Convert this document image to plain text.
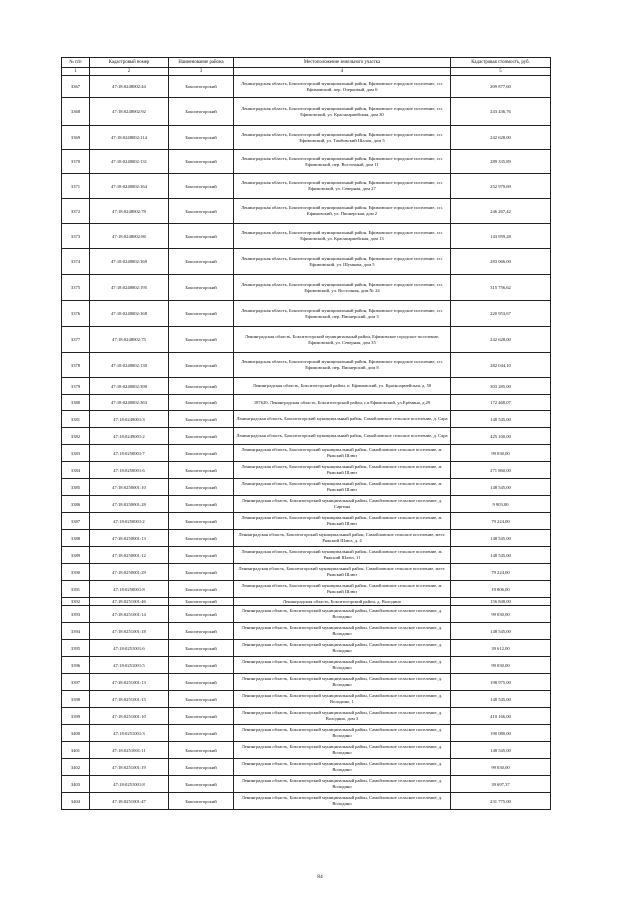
№ п/п	Кадастровый номер	Наименование района	Местоположение земельного участка	Кадастровая стоимость, руб.
1	2	3	4	5
3367	47:18:0248002:44	Бокситогорский	Ленинградская область, Бокситогорский муниципальный район, Ефимовское городское поселение, г.п. Ефимовский, пер. Озерковый, дом 6	209 877,60
3368	47:18:0248002:92	Бокситогорский	Ленинградская область, Бокситогорский муниципальный район, Ефимовское городское поселение, г.п. Ефимовский, ул. Красноармейская, дом 30	243 436,76
3369	47:18:0248002:114	Бокситогорский	Ленинградская область, Бокситогорский муниципальный район, Ефимовское городское поселение, г.п. Ефимовский, ул. Тамбовский Шалок, дом 5	242 628,00
3370	47:18:0248002:131	Бокситогорский	Ленинградская область, Бокситогорский муниципальный район, Ефимовское городское поселение, г.п. Ефимовский, пер. Восточный, дом 11	289 335,89
3371	47:18:0248002:164	Бокситогорский	Ленинградская область, Бокситогорский муниципальный район, Ефимовское городское поселение, г.п. Ефимовский, ул. Северная, дом 27	252 979,69
3372	47:18:0248002:78	Бокситогорский	Ленинградская область, Бокситогорский муниципальный район, Ефимовское городское поселение, г.п. Ефимовский, ул. Пионерская, дом 2	246 267,42
3373	47:18:0248002:86	Бокситогорский	Ленинградская область, Бокситогорский муниципальный район, Ефимовское городское поселение, г.п. Ефимовский, ул. Красноармейская, дом 13	143 959,28
3374	47:18:0248002:169	Бокситогорский	Ленинградская область, Бокситогорский муниципальный район, Ефимовское городское поселение, г.п. Ефимовский, ул. Шумкова, дом 5	283 066,00
3375	47:18:0248002:195	Бокситогорский	Ленинградская область, Бокситогорский муниципальный район, Ефимовское городское поселение, г.п. Ефимовский, ул. Восточная, дом № 24	315 756,62
3376	47:18:0248002:168	Бокситогорский	Ленинградская область, Бокситогорский муниципальный район, Ефимовское городское поселение, г.п. Ефимовский, пер. Пионерский, дом 3	220 953,67
3377	47:18:0248002:75	Бокситогорский	Ленинградская область, Бокситогорский муниципальный район, Ефимовское городское поселение, Ефимовский, ул. Северная, дом 35	242 628,00
3378	47:18:0248002:130	Бокситогорский	Ленинградская область, Бокситогорский муниципальный район, Ефимовское городское поселение, г.п. Ефимовский, пер. Пионерский, дом 8	282 044,10
3379	47:18:0248002:390	Бокситогорский	Ленинградская область, Бокситогорский район, п. Ефимовский, ул. Красноармейская, д. 50	303 285,00
3380	47:18:0248002:363	Бокситогорский	187620, Ленинградская область, Бокситогорский район, г.п.Ефимовский, ул.Ерёмина, д.29	172 468,07
3381	47:18:0249001:3	Бокситогорский	Ленинградская область, Бокситогорский муниципальный район, Самойловское сельское поселение, д. Сара	148 545,00
3382	47:18:0249001:2	Бокситогорский	Ленинградская область, Бокситогорский муниципальный район, Самойловское сельское поселение, д. Сара	425 100,00
3383	47:18:0250001:7	Бокситогорский	Ленинградская область, Бокситогорский муниципальный район, Самойловское сельское поселение, м. Ряжский Шлюз	99 030,00
3384	47:18:0250001:6	Бокситогорский	Ленинградская область, Бокситогорский муниципальный район, Самойловское сельское поселение, м. Ряжский Шлюз	271 860,00
3385	47:18:0250001:10	Бокситогорский	Ленинградская область, Бокситогорский муниципальный район, Самойловское сельское поселение, м. Ряжский Шлюз	148 545,00
3386	47:18:0250001:28	Бокситогорский	Ленинградская область, Бокситогорский муниципальный район, Самойловское сельское поселение, д. Саргина	9 903,00
3387	47:18:0250001:2	Бокситогорский	Ленинградская область, Бокситогорский муниципальный район, Самойловское сельское поселение, м. Ряжский Шлюз	79 224,00
3388	47:18:0250001:13	Бокситогорский	Ленинградская область, Бокситогорский муниципальный район, Самойловское сельское поселение, мест. Ряжский Шлюз, д. 4	148 545,00
3389	47:18:0250001:12	Бокситогорский	Ленинградская область, Бокситогорский муниципальный район, Самойловское сельское поселение, м. Ряжский Шлюз, 11	148 545,00
3390	47:18:0250001:29	Бокситогорский	Ленинградская область, Бокситогорский муниципальный район, Самойловское сельское поселение, мест. Ряжский Шлюз	79 224,00
3391	47:18:0250001:8	Бокситогорский	Ленинградская область, Бокситогорский муниципальный район, Самойловское сельское поселение, м. Ряжский Шлюз	19 806,00
3392	47:18:0251001:46	Бокситогорский	Ленинградская область, Бокситогорский район, д. Володино	156 848,00
3393	47:18:0251001:14	Бокситогорский	Ленинградская область, Бокситогорский муниципальный район, Самойловское сельское поселение, д. Володино	99 030,00
3394	47:18:0251001:18	Бокситогорский	Ленинградская область, Бокситогорский муниципальный район, Самойловское сельское поселение, д. Володино	148 545,00
3395	47:18:0251001:6	Бокситогорский	Ленинградская область, Бокситогорский муниципальный район, Самойловское сельское поселение, д. Володино	39 612,00
3396	47:18:0251001:5	Бокситогорский	Ленинградская область, Бокситогорский муниципальный район, Самойловское сельское поселение, д. Володино	99 030,00
3397	47:18:0251001:13	Бокситогорский	Ленинградская область, Бокситогорский муниципальный район, Самойловское сельское поселение, д. Володино	198 975,00
3398	47:18:0251001:15	Бокситогорский	Ленинградская область, Бокситогорский муниципальный район, Самойловское сельское поселение, д. Володино, 1	148 545,00
3399	47:18:0251001:10	Бокситогорский	Ленинградская область, Бокситогорский муниципальный район, Самойловское сельское поселение, д. Володино, дом 3	410 166,00
3400	47:18:0251001:3	Бокситогорский	Ленинградская область, Бокситогорский муниципальный район, Самойловское сельское поселение, д. Володино	190 080,00
3401	47:18:0251001:11	Бокситогорский	Ленинградская область, Бокситогорский муниципальный район, Самойловское сельское поселение, д. Володино	148 545,00
3402	47:18:0251001:19	Бокситогорский	Ленинградская область, Бокситогорский муниципальный район, Самойловское сельское поселение, д. Володино	99 030,00
3403	47:18:0251001:8	Бокситогорский	Ленинградская область, Бокситогорский муниципальный район, Самойловское сельское поселение, д. Володино	39 697,37
3404	47:18:0251001:47	Бокситогорский	Ленинградская область, Бокситогорский муниципальный район, Самойловское сельское поселение, д. Володино	231 775,00
84
